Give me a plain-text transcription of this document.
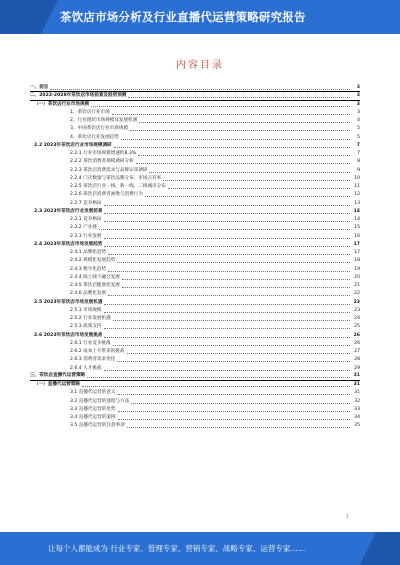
茶饮店市场分析及行业直播代运营策略研究报告
内容目录
一、前言	3
二、2023-2028年茶饮店市场前景及趋势预测	3
（一）茶饮店行业市场规模	3
1、茶饮店行业市场	3
2、行业现状市场规模及发展机遇	4
3、中国茶饮店行业市场规模	5
4、茶饮店行业发展趋势	5
2.2 2023年茶饮店行业市场规模调研	7
2.2.1 行业市场规模增速约8.3%	7
2.2.2 茶饮消费者规模调研分析	8
2.2.3 茶饮店消费需求与品牌认知调研	9
2.2.4 门店数量与茶饮品牌分布，市场占有率	10
2.2.5 茶饮店行业一线、新一线、二线城市分布	11
2.2.6 茶饮店消费者画像与消费行为	12
2.2.7 竞争格局	13
2.3 2023年茶饮店行业发展前景	14
2.3.1 竞争格局	14
2.3.2 产业链	15
2.3.3 行业发展	16
2.4 2023年茶饮店市场发展趋势	17
2.4.1 品牌化趋势	17
2.4.2 规模化发展趋势	18
2.4.3 数字化趋势	19
2.4.4 线上线下融合发展	20
2.4.5 茶饮店健康化发展	21
2.4.6 品牌化发展	22
2.5 2023年茶饮店市场发展机遇	23
2.5.1 市场规模	23
2.5.2 行业发展机遇	24
2.5.3 政策支持	25
2.6 2023年茶饮店市场发展挑战	26
2.6.1 行业竞争挑战	26
2.6.2 成本上升带来的挑战	27
2.6.3 消费者需求变化	28
2.6.4 人才挑战	29
三、茶饮店直播代运营策略	31
（一）直播代运营策略	31
3.1 直播代运营的意义	31
3.2 直播代运营的流程与方法	32
3.3 直播代运营的优势	33
3.4 直播代运营的案例	34
3.5 直播代运营的注意事项	35
1
让每个人都能成为 行业专家、管理专家、营销专家、战略专家、运营专家……
